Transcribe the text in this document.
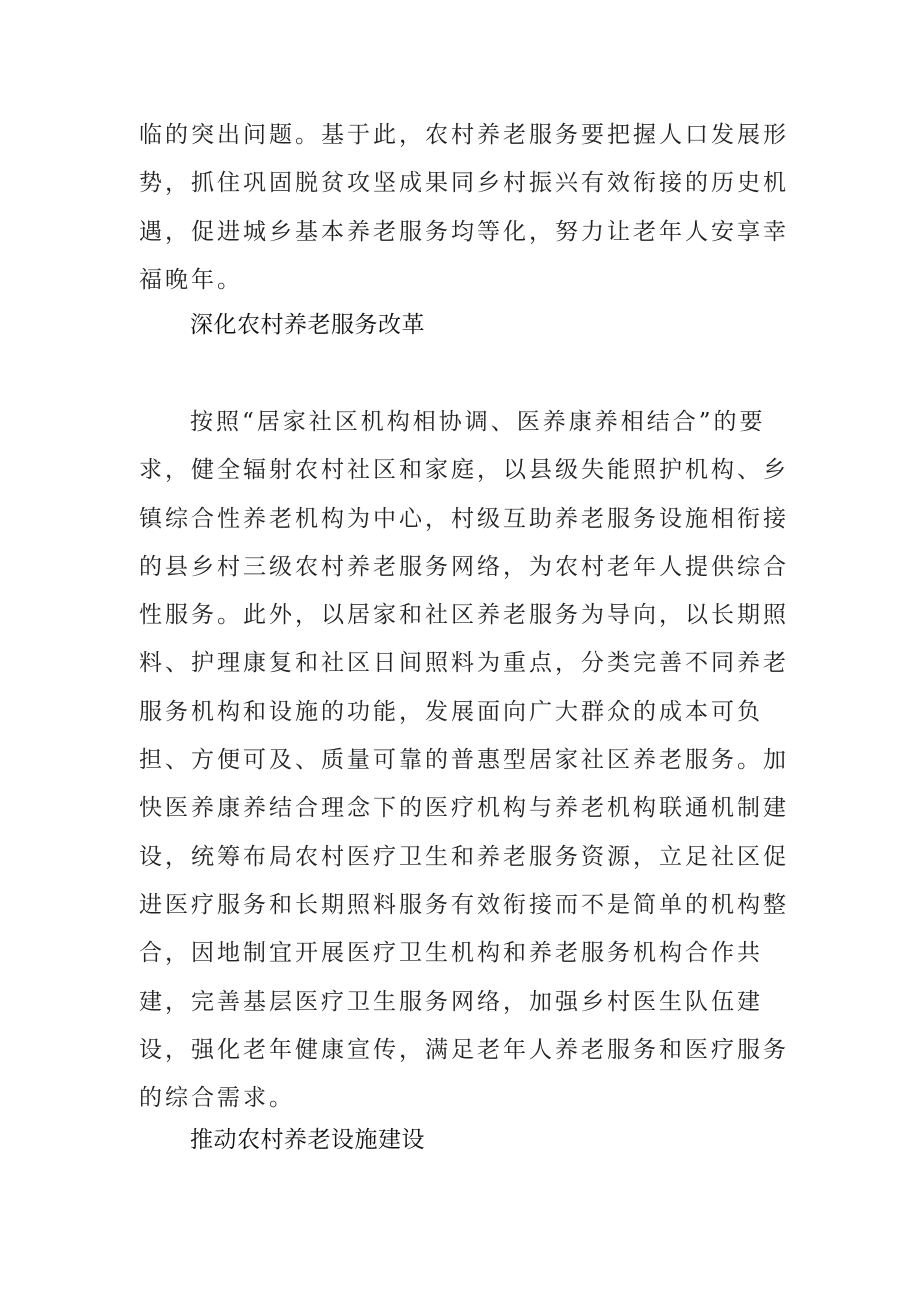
临的突出问题。基于此，农村养老服务要把握人口发展形势，抓住巩固脱贫攻坚成果同乡村振兴有效衔接的历史机遇，促进城乡基本养老服务均等化，努力让老年人安享幸福晚年。

深化农村养老服务改革

按照“居家社区机构相协调、医养康养相结合”的要求，健全辐射农村社区和家庭，以县级失能照护机构、乡镇综合性养老机构为中心，村级互助养老服务设施相衔接的县乡村三级农村养老服务网络，为农村老年人提供综合性服务。此外，以居家和社区养老服务为导向，以长期照料、护理康复和社区日间照料为重点，分类完善不同养老服务机构和设施的功能，发展面向广大群众的成本可负担、方便可及、质量可靠的普惠型居家社区养老服务。加快医养康养结合理念下的医疗机构与养老机构联通机制建设，统筹布局农村医疗卫生和养老服务资源，立足社区促进医疗服务和长期照料服务有效衔接而不是简单的机构整合，因地制宜开展医疗卫生机构和养老服务机构合作共建，完善基层医疗卫生服务网络，加强乡村医生队伍建设，强化老年健康宣传，满足老年人养老服务和医疗服务的综合需求。

推动农村养老设施建设
